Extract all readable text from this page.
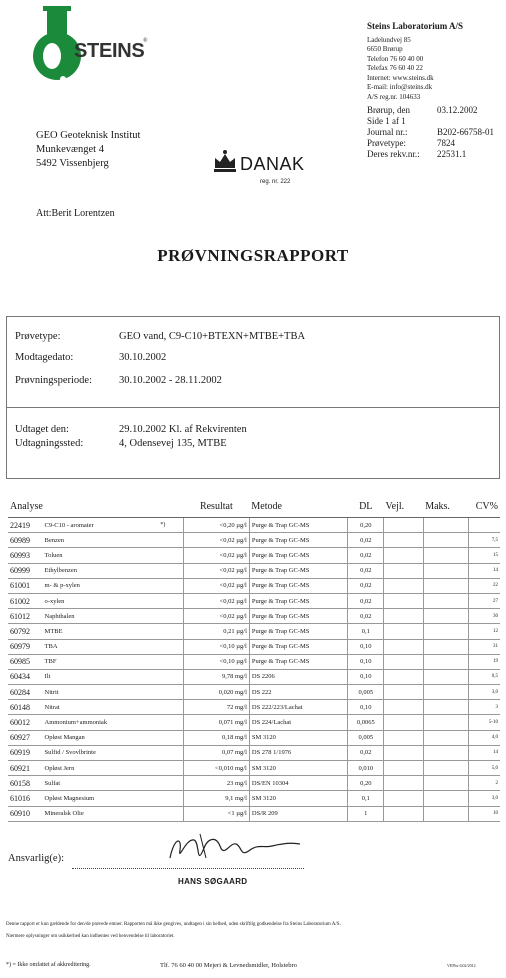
STEINS
®
Steins Laboratorium A/S
Ladelundvej 85
6650 Brørup
Telefon 76 60 40 00
Telefax 76 60 40 22
Internet: www.steins.dk
E-mail: info@steins.dk
A/S reg.nr. 104633
Brørup, den	03.12.2002
Side 1 af 1
Journal nr.:	B202-66758-01
Prøvetype:	7824
Deres rekv.nr.: 22531.1
GEO Geoteknisk Institut
Munkevænget 4
5492 Vissenbjerg	DANAK
reg. nr. 222
Att:Berit Lorentzen
PRØVNINGSRAPPORT
Prøvetype:	GEO vand, C9-C10+BTEXN+MTBE+TBA
Modtagedato:	30.10.2002
Prøvningsperiode:	30.10.2002 - 28.11.2002
Udtaget den:	29.10.2002 Kl. af Rekvirenten
Udtagningssted:	4, Odensevej 135, MTBE
Analyse			Resultat	Metode	DL	Vejl.	Maks.	CV%
22419	C9-C10 - aromater	*)	<0,20 µg/l	Purge & Trap GC-MS	0,20			
60989	Benzen		<0,02 µg/l	Purge & Trap GC-MS	0,02			7,5
60993	Toluen		<0,02 µg/l	Purge & Trap GC-MS	0,02			15
60999	Ethylbenzen		<0,02 µg/l	Purge & Trap GC-MS	0,02			14
61001	m- & p-xylen		<0,02 µg/l	Purge & Trap GC-MS	0,02			22
61002	o-xylen		<0,02 µg/l	Purge & Trap GC-MS	0,02			27
61012	Naphthalen		<0,02 µg/l	Purge & Trap GC-MS	0,02			30
60792	MTBE		0,21 µg/l	Purge & Trap GC-MS	0,1			12
60979	TBA		<0,10 µg/l	Purge & Trap GC-MS	0,10			31
60985	TBF		<0,10 µg/l	Purge & Trap GC-MS	0,10			19
60434	Ilt		9,78 mg/l	DS 2206	0,10			0,5
60284	Nitrit		0,020 mg/l	DS 222	0,005			3,0
60148	Nitrat		72 mg/l	DS 222/223/Lachat	0,10			3
60012	Ammonium+ammoniak		0,071 mg/l	DS 224/Lachat	0,0065			5-10
60927	Opløst Mangan		0,18 mg/l	SM 3120	0,005			4,0
60919	Sulfid / Svovlbrinte		0,07 mg/l	DS 278 1/1976	0,02			14
60921	Opløst Jern		<0,010 mg/l	SM 3120	0,010			5,0
60158	Sulfat		23 mg/l	DS/EN 10304	0,20			2
61016	Opløst Magnesium		9,1 mg/l	SM 3120	0,1			3,0
60910	Mineralsk Olie		<1 µg/l	DS/R 209	1			10
Ansvarlig(e):
HANS SØGAARD
Denne rapport er kun gældende for den/de prøvede emner. Rapporten må ikke gengives, undtagen i sin helhed, uden skriftlig godkendelse fra Steins Laboratorium A/S.
Nærmere oplysninger om usikkerhed kan indhentes ved henvendelse til laboratoriet.
*) = Ikke omfattet af akkreditering.	Tlf. 76 60 40 00 Mejeri & Levnedsmidler, Holstebro	VEFhv:G02/2012
